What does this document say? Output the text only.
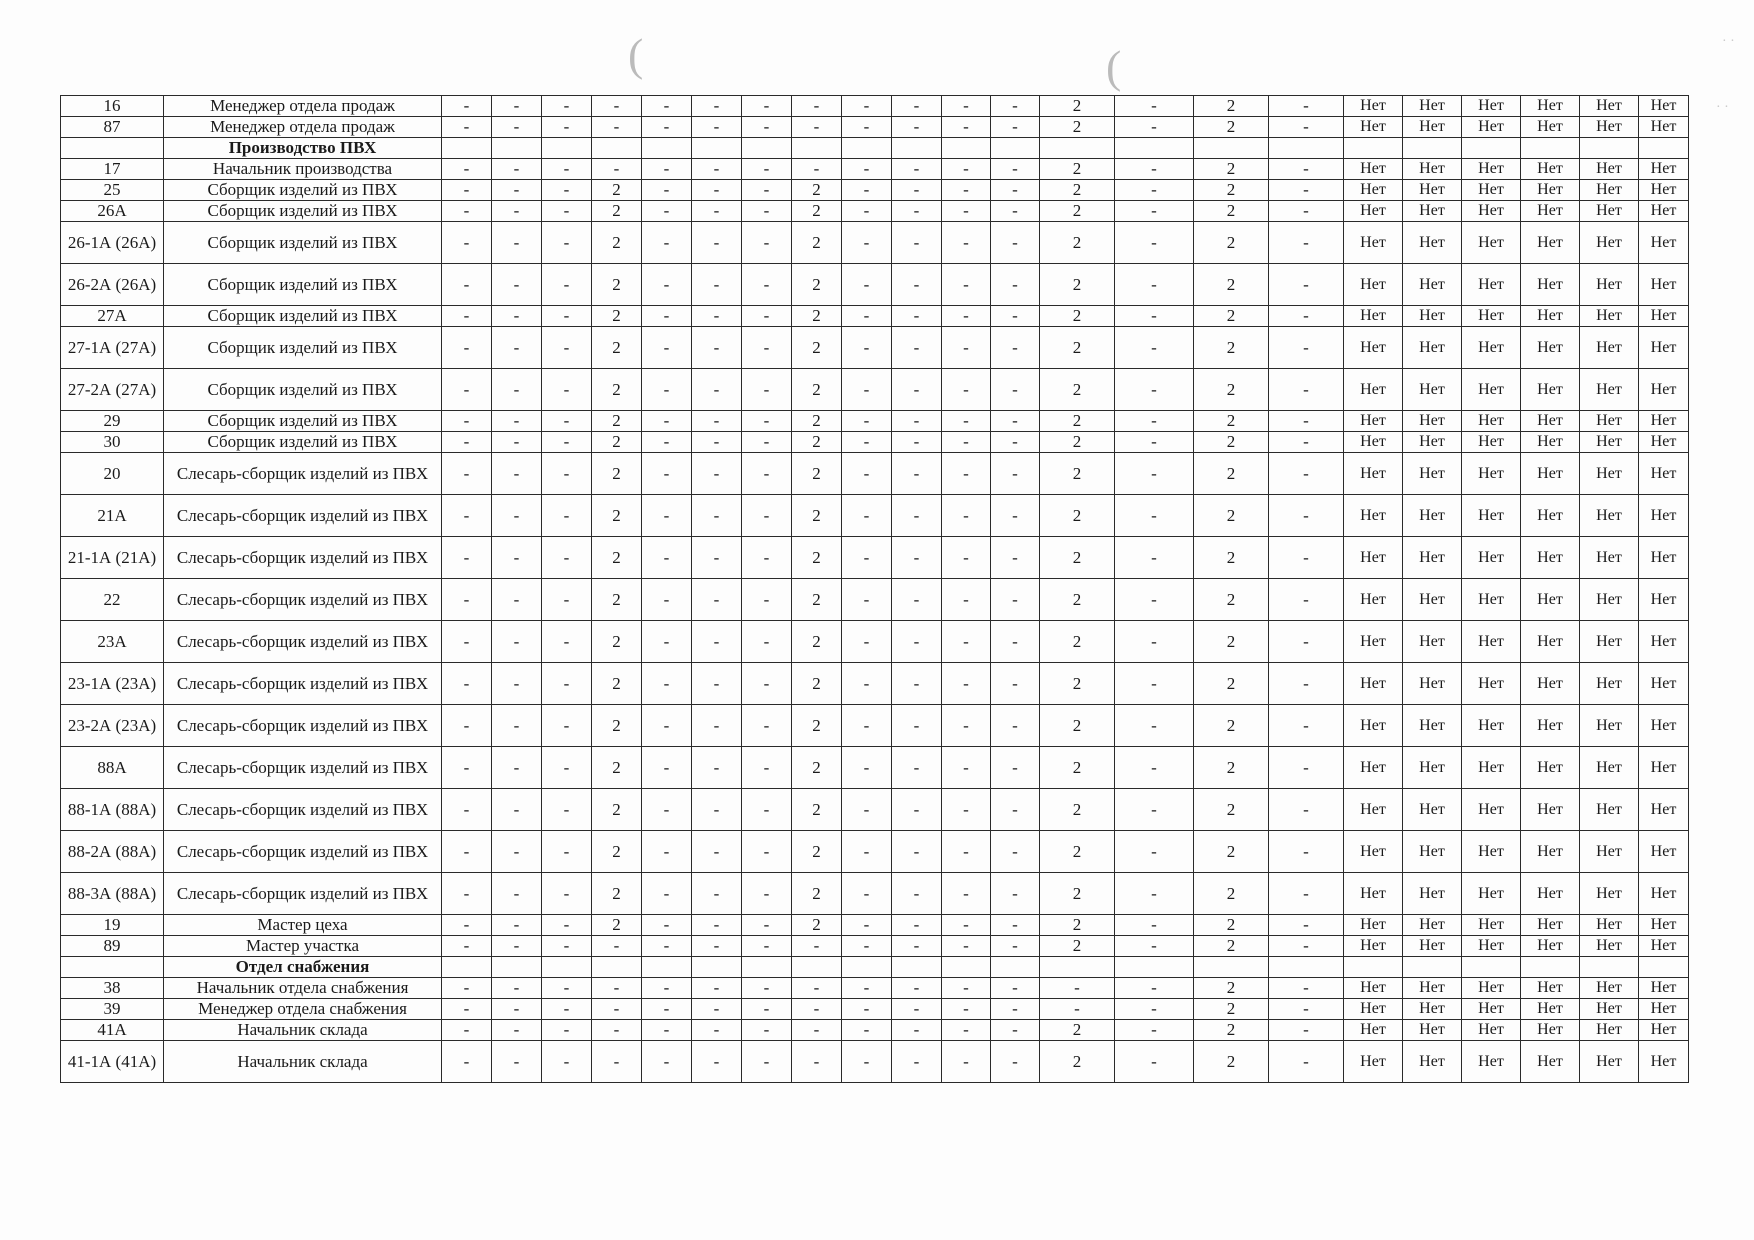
(	(	· ·
· ·
16	Менеджер отдела продаж	-	-	-	-	-	-	-	-	-	-	-	-	2	-	2	-	Нет	Нет	Нет	Нет	Нет	Нет
87	Менеджер отдела продаж	-	-	-	-	-	-	-	-	-	-	-	-	2	-	2	-	Нет	Нет	Нет	Нет	Нет	Нет
	Производство ПВХ																						
17	Начальник производства	-	-	-	-	-	-	-	-	-	-	-	-	2	-	2	-	Нет	Нет	Нет	Нет	Нет	Нет
25	Сборщик изделий из ПВХ	-	-	-	2	-	-	-	2	-	-	-	-	2	-	2	-	Нет	Нет	Нет	Нет	Нет	Нет
26А	Сборщик изделий из ПВХ	-	-	-	2	-	-	-	2	-	-	-	-	2	-	2	-	Нет	Нет	Нет	Нет	Нет	Нет
26-1А (26А)	Сборщик изделий из ПВХ	-	-	-	2	-	-	-	2	-	-	-	-	2	-	2	-	Нет	Нет	Нет	Нет	Нет	Нет
26-2А (26А)	Сборщик изделий из ПВХ	-	-	-	2	-	-	-	2	-	-	-	-	2	-	2	-	Нет	Нет	Нет	Нет	Нет	Нет
27А	Сборщик изделий из ПВХ	-	-	-	2	-	-	-	2	-	-	-	-	2	-	2	-	Нет	Нет	Нет	Нет	Нет	Нет
27-1А (27А)	Сборщик изделий из ПВХ	-	-	-	2	-	-	-	2	-	-	-	-	2	-	2	-	Нет	Нет	Нет	Нет	Нет	Нет
27-2А (27А)	Сборщик изделий из ПВХ	-	-	-	2	-	-	-	2	-	-	-	-	2	-	2	-	Нет	Нет	Нет	Нет	Нет	Нет
29	Сборщик изделий из ПВХ	-	-	-	2	-	-	-	2	-	-	-	-	2	-	2	-	Нет	Нет	Нет	Нет	Нет	Нет
30	Сборщик изделий из ПВХ	-	-	-	2	-	-	-	2	-	-	-	-	2	-	2	-	Нет	Нет	Нет	Нет	Нет	Нет
20	Слесарь-сборщик изделий из ПВХ	-	-	-	2	-	-	-	2	-	-	-	-	2	-	2	-	Нет	Нет	Нет	Нет	Нет	Нет
21А	Слесарь-сборщик изделий из ПВХ	-	-	-	2	-	-	-	2	-	-	-	-	2	-	2	-	Нет	Нет	Нет	Нет	Нет	Нет
21-1А (21А)	Слесарь-сборщик изделий из ПВХ	-	-	-	2	-	-	-	2	-	-	-	-	2	-	2	-	Нет	Нет	Нет	Нет	Нет	Нет
22	Слесарь-сборщик изделий из ПВХ	-	-	-	2	-	-	-	2	-	-	-	-	2	-	2	-	Нет	Нет	Нет	Нет	Нет	Нет
23А	Слесарь-сборщик изделий из ПВХ	-	-	-	2	-	-	-	2	-	-	-	-	2	-	2	-	Нет	Нет	Нет	Нет	Нет	Нет
23-1А (23А)	Слесарь-сборщик изделий из ПВХ	-	-	-	2	-	-	-	2	-	-	-	-	2	-	2	-	Нет	Нет	Нет	Нет	Нет	Нет
23-2А (23А)	Слесарь-сборщик изделий из ПВХ	-	-	-	2	-	-	-	2	-	-	-	-	2	-	2	-	Нет	Нет	Нет	Нет	Нет	Нет
88А	Слесарь-сборщик изделий из ПВХ	-	-	-	2	-	-	-	2	-	-	-	-	2	-	2	-	Нет	Нет	Нет	Нет	Нет	Нет
88-1А (88А)	Слесарь-сборщик изделий из ПВХ	-	-	-	2	-	-	-	2	-	-	-	-	2	-	2	-	Нет	Нет	Нет	Нет	Нет	Нет
88-2А (88А)	Слесарь-сборщик изделий из ПВХ	-	-	-	2	-	-	-	2	-	-	-	-	2	-	2	-	Нет	Нет	Нет	Нет	Нет	Нет
88-3А (88А)	Слесарь-сборщик изделий из ПВХ	-	-	-	2	-	-	-	2	-	-	-	-	2	-	2	-	Нет	Нет	Нет	Нет	Нет	Нет
19	Мастер цеха	-	-	-	2	-	-	-	2	-	-	-	-	2	-	2	-	Нет	Нет	Нет	Нет	Нет	Нет
89	Мастер участка	-	-	-	-	-	-	-	-	-	-	-	-	2	-	2	-	Нет	Нет	Нет	Нет	Нет	Нет
	Отдел снабжения																						
38	Начальник отдела снабжения	-	-	-	-	-	-	-	-	-	-	-	-	-	-	2	-	Нет	Нет	Нет	Нет	Нет	Нет
39	Менеджер отдела снабжения	-	-	-	-	-	-	-	-	-	-	-	-	-	-	2	-	Нет	Нет	Нет	Нет	Нет	Нет
41А	Начальник склада	-	-	-	-	-	-	-	-	-	-	-	-	2	-	2	-	Нет	Нет	Нет	Нет	Нет	Нет
41-1А (41А)	Начальник склада	-	-	-	-	-	-	-	-	-	-	-	-	2	-	2	-	Нет	Нет	Нет	Нет	Нет	Нет
